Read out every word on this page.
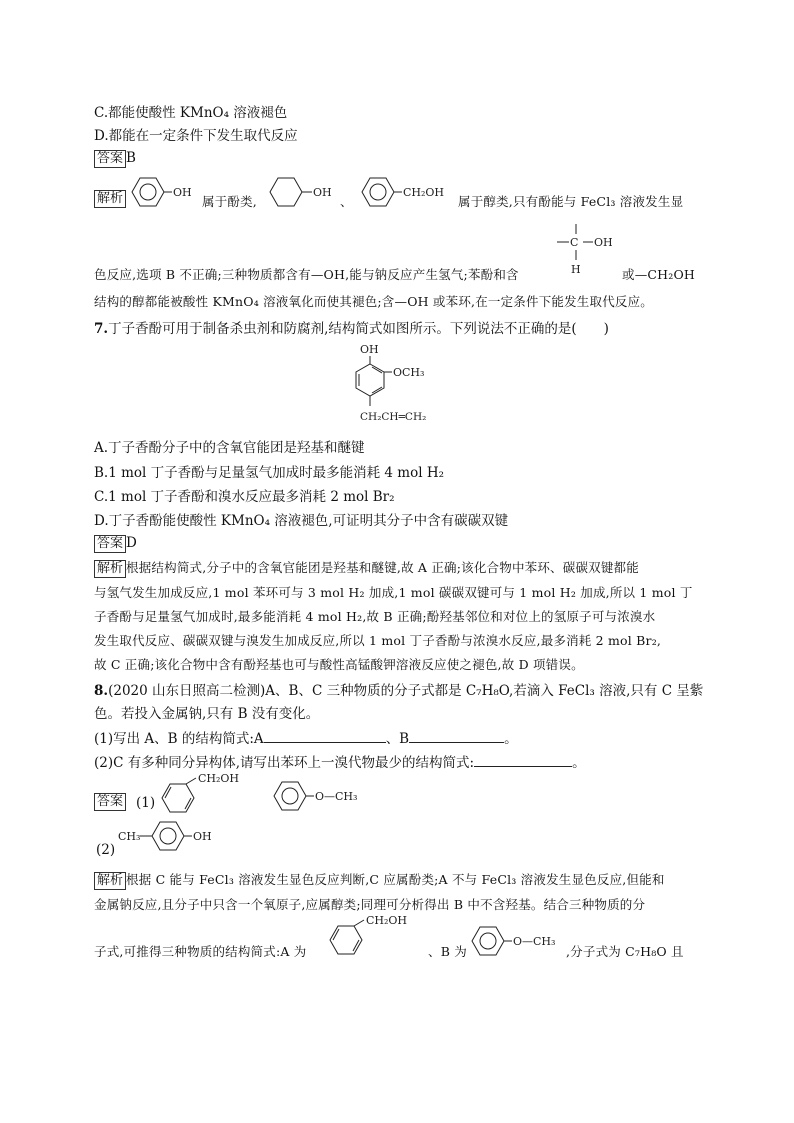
C.都能使酸性 KMnO₄ 溶液褪色
D.都能在一定条件下发生取代反应
答案 B
解析	OH
属于酚类,
OH
、
CH₂OH
属于醇类,只有酚能与 FeCl₃ 溶液发生显
C OH
H
色反应,选项 B 不正确;三种物质都含有—OH,能与钠反应产生氢气;苯酚和含	或—CH₂OH
结构的醇都能被酸性 KMnO₄ 溶液氧化而使其褪色;含—OH 或苯环,在一定条件下能发生取代反应。
7.丁子香酚可用于制备杀虫剂和防腐剂,结构简式如图所示。下列说法不正确的是(　　)
OH
OCH₃
CH₂CH═CH₂
A.丁子香酚分子中的含氧官能团是羟基和醚键
B.1 mol 丁子香酚与足量氢气加成时最多能消耗 4 mol H₂
C.1 mol 丁子香酚和溴水反应最多消耗 2 mol Br₂
D.丁子香酚能使酸性 KMnO₄ 溶液褪色,可证明其分子中含有碳碳双键
答案 D
解析 根据结构简式,分子中的含氧官能团是羟基和醚键,故 A 正确;该化合物中苯环、碳碳双键都能
与氢气发生加成反应,1 mol 苯环可与 3 mol H₂ 加成,1 mol 碳碳双键可与 1 mol H₂ 加成,所以 1 mol 丁
子香酚与足量氢气加成时,最多能消耗 4 mol H₂,故 B 正确;酚羟基邻位和对位上的氢原子可与浓溴水
发生取代反应、碳碳双键与溴发生加成反应,所以 1 mol 丁子香酚与浓溴水反应,最多消耗 2 mol Br₂,
故 C 正确;该化合物中含有酚羟基也可与酸性高锰酸钾溶液反应使之褪色,故 D 项错误。
8.(2020 山东日照高二检测)A、B、C 三种物质的分子式都是 C₇H₈O,若滴入 FeCl₃ 溶液,只有 C 呈紫
色。若投入金属钠,只有 B 没有变化。
(1)写出 A、B 的结构简式:A	、B	。
(2)C 有多种同分异构体,请写出苯环上一溴代物最少的结构简式:	。
答案 (1)
CH₂OH
O—CH₃
(2)
CH₃	OH
解析 根据 C 能与 FeCl₃ 溶液发生显色反应判断,C 应属酚类;A 不与 FeCl₃ 溶液发生显色反应,但能和
金属钠反应,且分子中只含一个氧原子,应属醇类;同理可分析得出 B 中不含羟基。结合三种物质的分
子式,可推得三种物质的结构简式:A 为
CH₂OH
、B 为
O—CH₃
,分子式为 C₇H₈O 且
